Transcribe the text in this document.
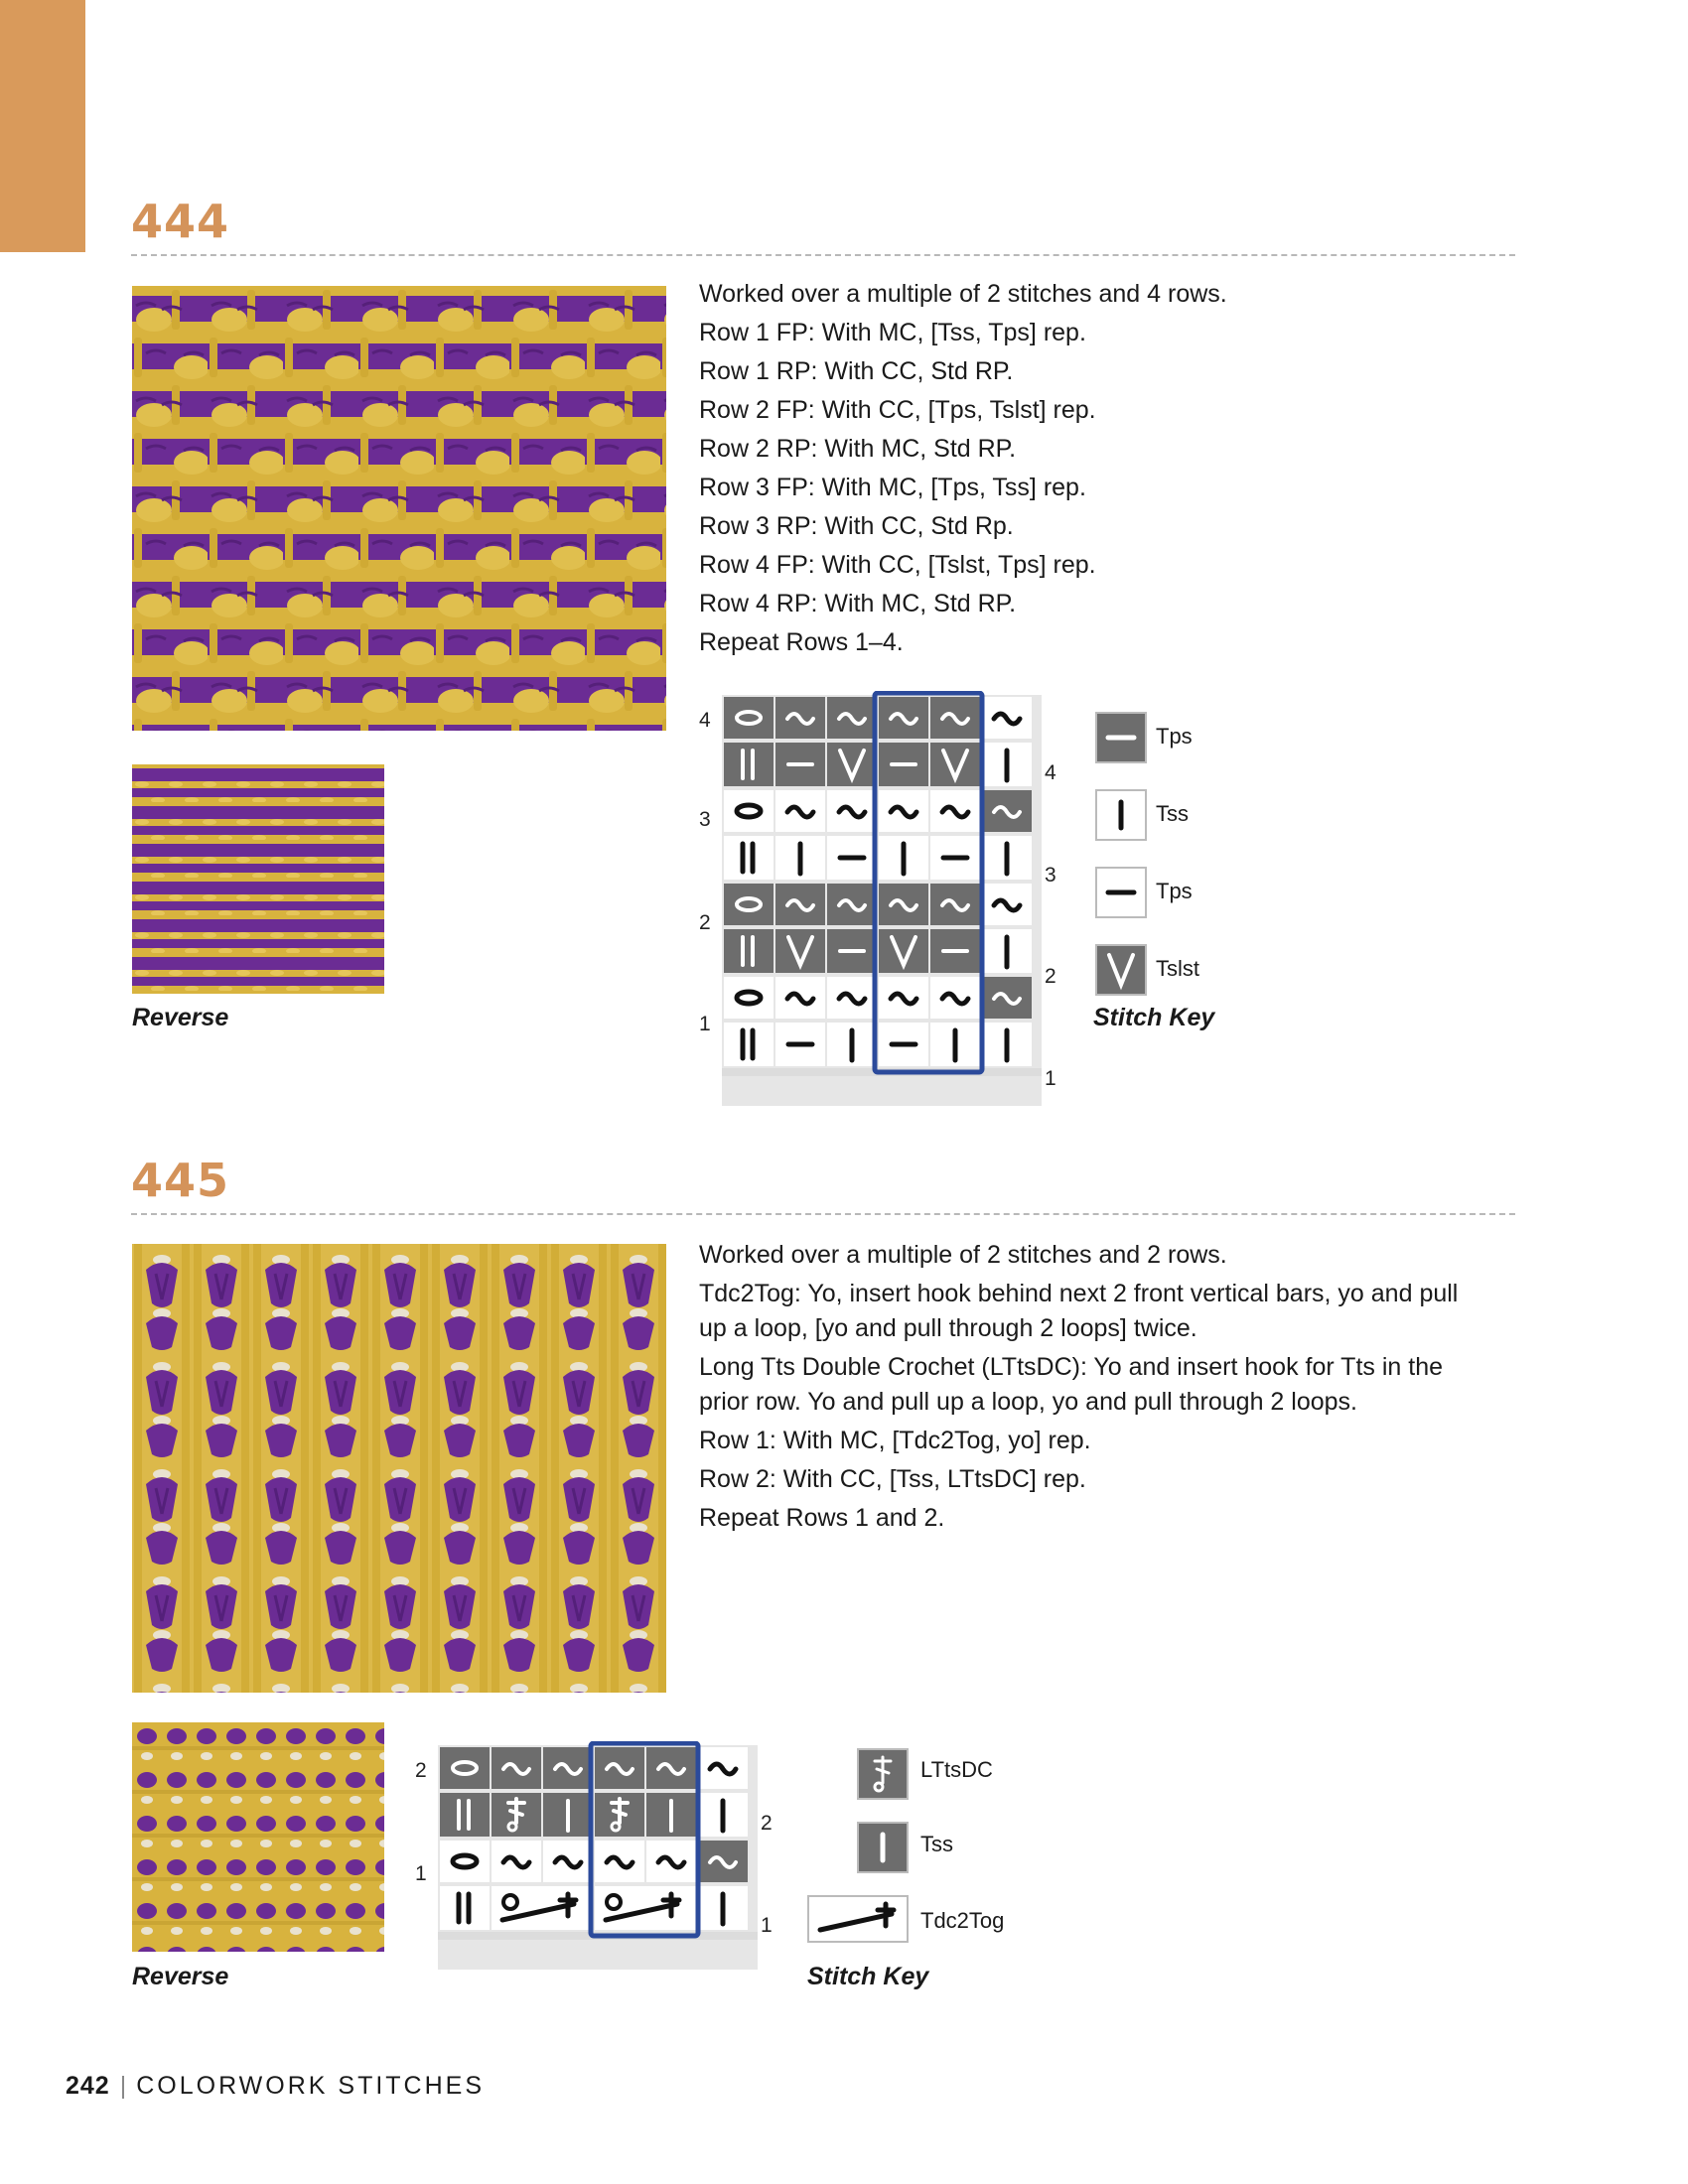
444
Reverse

Worked over a multiple of 2 stitches and 4 rows.

Row 1 FP: With MC, [Tss, Tps] rep.

Row 1 RP: With CC, Std RP.

Row 2 FP: With CC, [Tps, Tslst] rep.

Row 2 RP: With MC, Std RP.

Row 3 FP: With MC, [Tps, Tss] rep.

Row 3 RP: With CC, Std Rp.

Row 4 FP: With CC, [Tslst, Tps] rep.

Row 4 RP: With MC, Std RP.

Repeat Rows 1–4.

4
3
2
1
4
3
2
1
Tps
Tss
Tps
Tslst
Stitch Key
445
Reverse

Worked over a multiple of 2 stitches and 2 rows.

Tdc2Tog: Yo, insert hook behind next 2 front vertical bars, yo and pull up a loop, [yo and pull through 2 loops] twice.

Long Tts Double Crochet (LTtsDC): Yo and insert hook for Tts in the prior row. Yo and pull up a loop, yo and pull through 2 loops.

Row 1: With MC, [Tdc2Tog, yo] rep.

Row 2: With CC, [Tss, LTtsDC] rep.

Repeat Rows 1 and 2.

2
1
2
1
LTtsDC
Tss
Tdc2Tog
Stitch Key
242 | COLORWORK STITCHES
